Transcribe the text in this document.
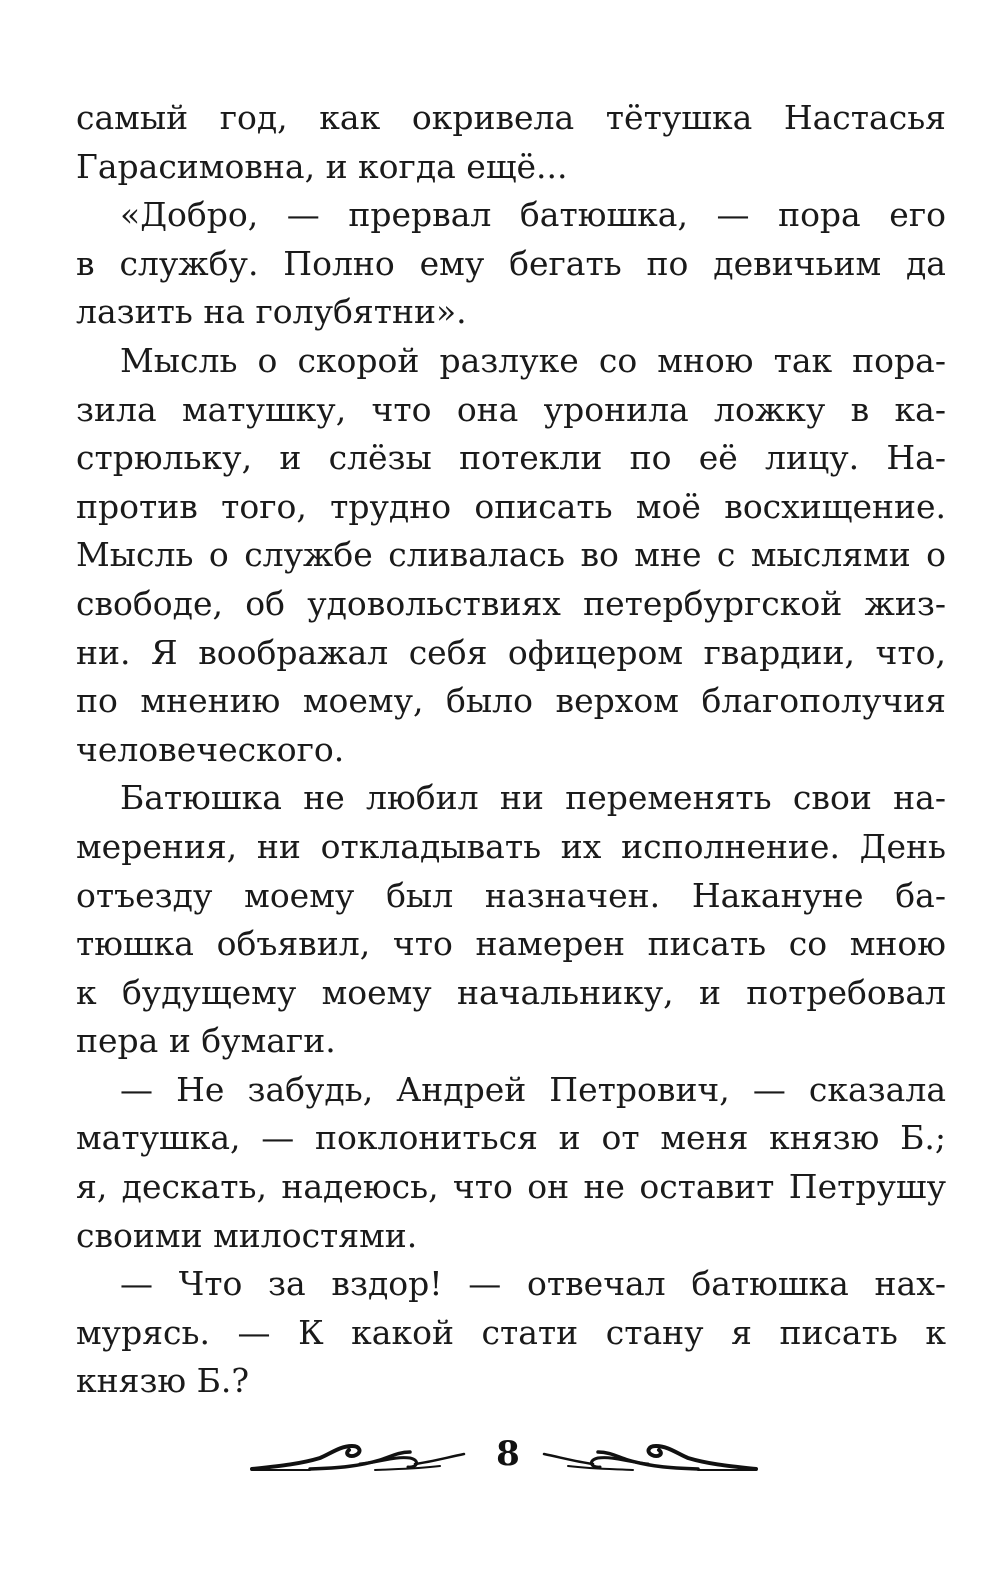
самый год, как окривела тётушка Настасья
Гарасимовна, и когда ещё...
«Добро, — прервал батюшка, — пора его
в службу. Полно ему бегать по девичьим да
лазить на голубятни».
Мысль о скорой разлуке со мною так пора-
зила матушку, что она уронила ложку в ка-
стрюльку, и слёзы потекли по её лицу. На-
против того, трудно описать моё восхищение.
Мысль о службе сливалась во мне с мыслями о
свободе, об удовольствиях петербургской жиз-
ни. Я воображал себя офицером гвардии, что,
по мнению моему, было верхом благополучия
человеческого.
Батюшка не любил ни переменять свои на-
мерения, ни откладывать их исполнение. День
отъезду моему был назначен. Накануне ба-
тюшка объявил, что намерен писать со мною
к будущему моему начальнику, и потребовал
пера и бумаги.
— Не забудь, Андрей Петрович, — сказала
матушка, — поклониться и от меня князю Б.;
я, дескать, надеюсь, что он не оставит Петрушу
своими милостями.
— Что за вздор! — отвечал батюшка нах-
мурясь. — К какой стати стану я писать к
князю Б.?
8
